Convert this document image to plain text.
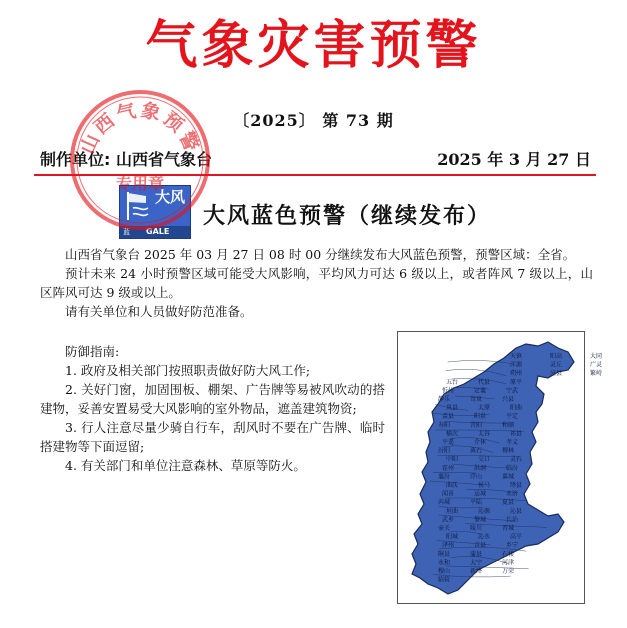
气象灾害预警
〔2025〕 第 73 期
制作单位: 山西省气象台	2025 年 3 月 27 日
大风
蓝 GALE
大风蓝色预警（继续发布）

山西省气象台 2025 年 03 月 27 日 08 时 00 分继续发布大风蓝色预警，预警区域：全省。

预计未来 24 小时预警区域可能受大风影响，平均风力可达 6 级以上，或者阵风 7 级以上，山区阵风可达 9 级或以上。

请有关单位和人员做好防范准备。

防御指南:

1. 政府及相关部门按照职责做好防大风工作;

2. 关好门窗，加固围板、棚架、广告牌等易被风吹动的搭建物，妥善安置易受大风影响的室外物品，遮盖建筑物资;

3. 行人注意尽量少骑自行车，刮风时不要在广告牌、临时搭建物等下面逗留;

4. 有关部门和单位注意森林、草原等防火。

天镇	阳高	大同
浑源	灵丘	广灵
朔州	应县	繁峙
五台	代县	原平
忻州	定襄	宁武
静乐	岢岚	兴县
岚县	太原	阳曲
盂县	阳泉	平定
寿阳	昔阳	和顺
榆次	太谷	祁县
平遥	介休	孝义
汾阳	离石	柳林
中阳	交口	灵石
霍州	洪洞	临汾
襄汾	浮山	翼城
曲沃	侯马	绛县
闻喜	运城	永济
芮城	平陆	夏县
垣曲	沁源	沁县
武乡	黎城	长治
壶关	陵川	晋城
阳城	沁水	高平
泽州	吉县	乡宁
隰县	蒲县	石楼
永和	大宁	河津
稷山	新绛	万荣
临猗
山西气象预警
专用章
